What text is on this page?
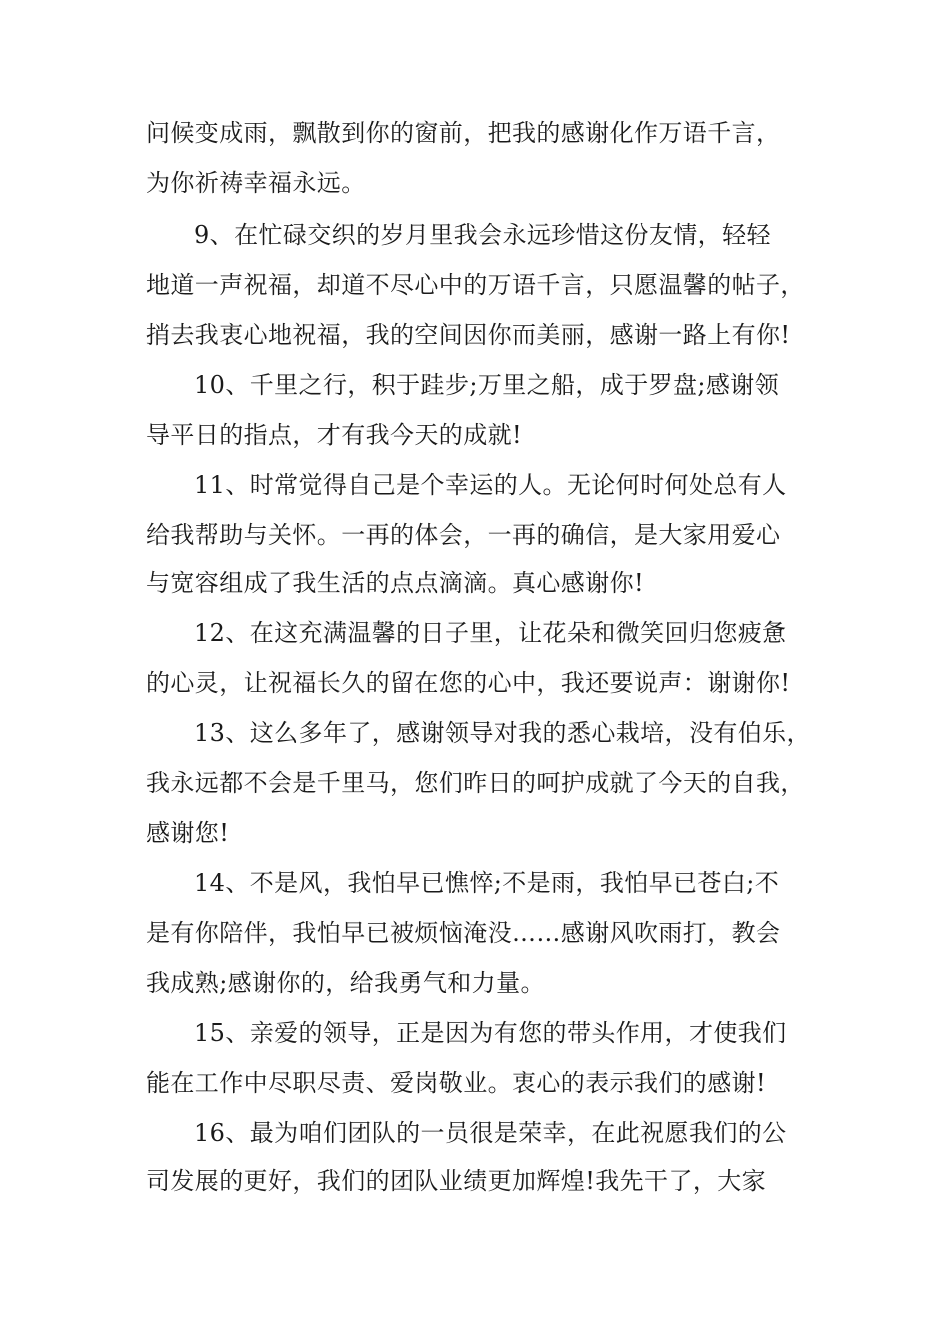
问候变成雨，飘散到你的窗前，把我的感谢化作万语千言，
为你祈祷幸福永远。
9、在忙碌交织的岁月里我会永远珍惜这份友情，轻轻
地道一声祝福，却道不尽心中的万语千言，只愿温馨的帖子，
捎去我衷心地祝福，我的空间因你而美丽，感谢一路上有你!
10、千里之行，积于跬步;万里之船，成于罗盘;感谢领
导平日的指点，才有我今天的成就!
11、时常觉得自己是个幸运的人。无论何时何处总有人
给我帮助与关怀。一再的体会，一再的确信，是大家用爱心
与宽容组成了我生活的点点滴滴。真心感谢你!
12、在这充满温馨的日子里，让花朵和微笑回归您疲惫
的心灵，让祝福长久的留在您的心中，我还要说声：谢谢你!
13、这么多年了，感谢领导对我的悉心栽培，没有伯乐，
我永远都不会是千里马，您们昨日的呵护成就了今天的自我，
感谢您!
14、不是风，我怕早已憔悴;不是雨，我怕早已苍白;不
是有你陪伴，我怕早已被烦恼淹没……感谢风吹雨打，教会
我成熟;感谢你的，给我勇气和力量。
15、亲爱的领导，正是因为有您的带头作用，才使我们
能在工作中尽职尽责、爱岗敬业。衷心的表示我们的感谢!
16、最为咱们团队的一员很是荣幸，在此祝愿我们的公
司发展的更好，我们的团队业绩更加辉煌!我先干了，大家
